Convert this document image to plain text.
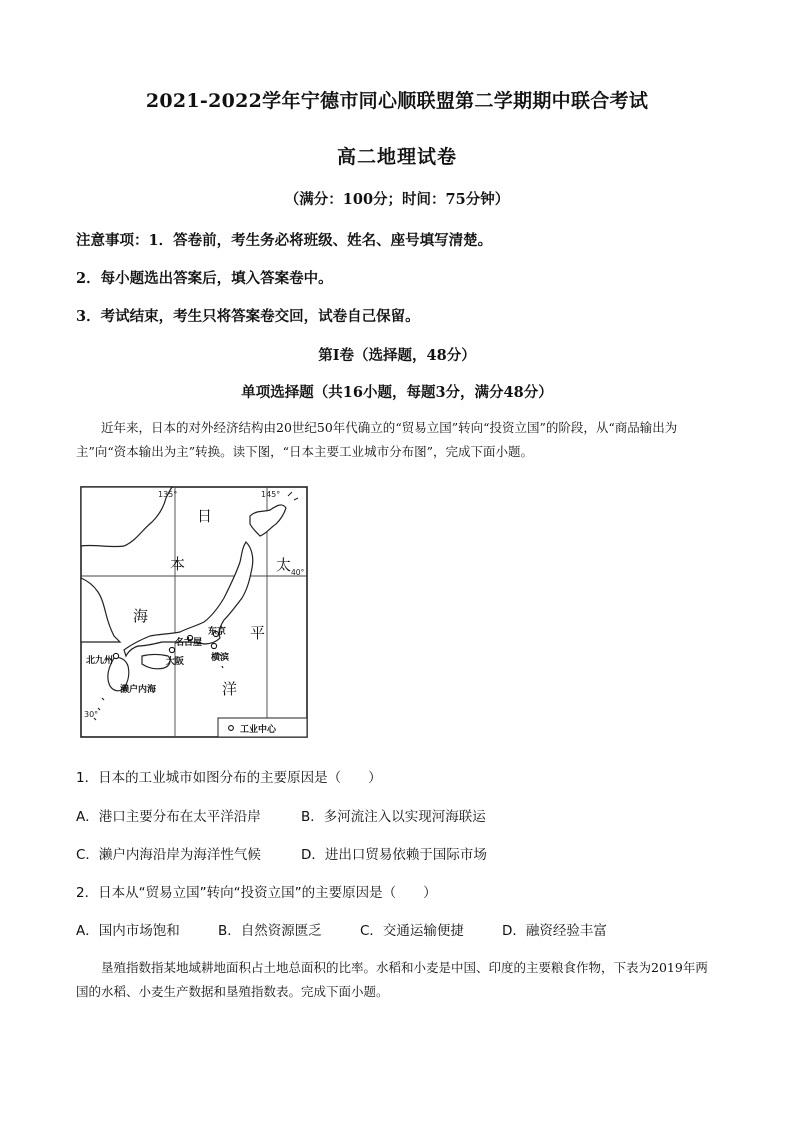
2021-2022学年宁德市同心顺联盟第二学期期中联合考试
高二地理试卷
（满分：100分；时间：75分钟）
注意事项：1．答卷前，考生务必将班级、姓名、座号填写清楚。
2．每小题选出答案后，填入答案卷中。
3．考试结束，考生只将答案卷交回，试卷自己保留。
第Ⅰ卷（选择题，48分）
单项选择题（共16小题，每题3分，满分48分）
近年来，日本的对外经济结构由20世纪50年代确立的“贸易立国”转向“投资立国”的阶段，从“商品输出为主”向“资本输出为主”转换。读下图，“日本主要工业城市分布图”，完成下面小题。
135°	145°
40°
30°
日
本
海
太
平
洋
北九州
名古屋
东京
大阪	横滨
濑户内海
工业中心
1．日本的工业城市如图分布的主要原因是（　　）
A．港口主要分布在太平洋沿岸	B．多河流注入以实现河海联运
C．濑户内海沿岸为海洋性气候	D．进出口贸易依赖于国际市场
2．日本从“贸易立国”转向“投资立国”的主要原因是（　　）
A．国内市场饱和	B．自然资源匮乏	C．交通运输便捷	D．融资经验丰富
垦殖指数指某地域耕地面积占土地总面积的比率。水稻和小麦是中国、印度的主要粮食作物，下表为2019年两国的水稻、小麦生产数据和垦殖指数表。完成下面小题。
